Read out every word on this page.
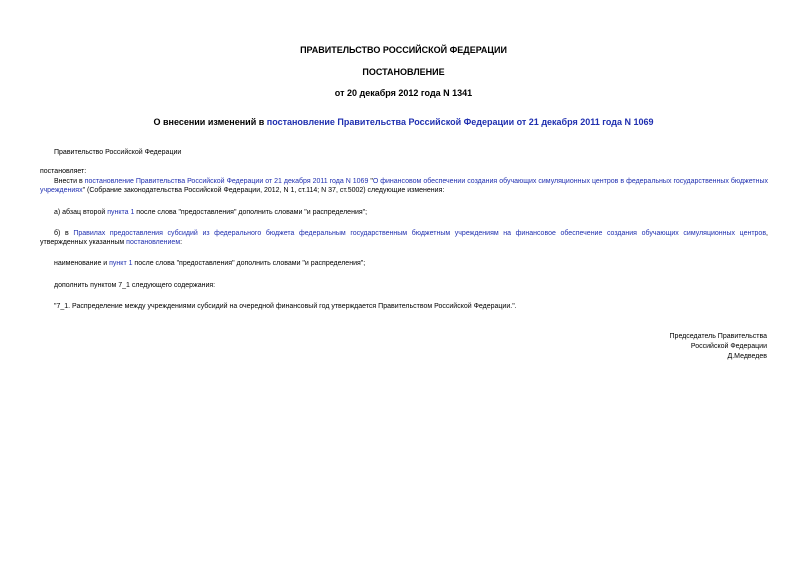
ПРАВИТЕЛЬСТВО РОССИЙСКОЙ ФЕДЕРАЦИИ
ПОСТАНОВЛЕНИЕ
от 20 декабря 2012 года N 1341
О внесении изменений в постановление Правительства Российской Федерации от 21 декабря 2011 года N 1069
Правительство Российской Федерации
постановляет:
Внести в постановление Правительства Российской Федерации от 21 декабря 2011 года N 1069 "О финансовом обеспечении создания обучающих симуляционных центров в федеральных государственных бюджетных учреждениях" (Собрание законодательства Российской Федерации, 2012, N 1, ст.114; N 37, ст.5002) следующие изменения:
а) абзац второй пункта 1 после слова "предоставления" дополнить словами "и распределения";
б) в Правилах предоставления субсидий из федерального бюджета федеральным государственным бюджетным учреждениям на финансовое обеспечение создания обучающих симуляционных центров, утвержденных указанным постановлением:
наименование и пункт 1 после слова "предоставления" дополнить словами "и распределения";
дополнить пунктом 7_1 следующего содержания:
"7_1. Распределение между учреждениями субсидий на очередной финансовый год утверждается Правительством Российской Федерации.".
Председатель Правительства
Российской Федерации
Д.Медведев
